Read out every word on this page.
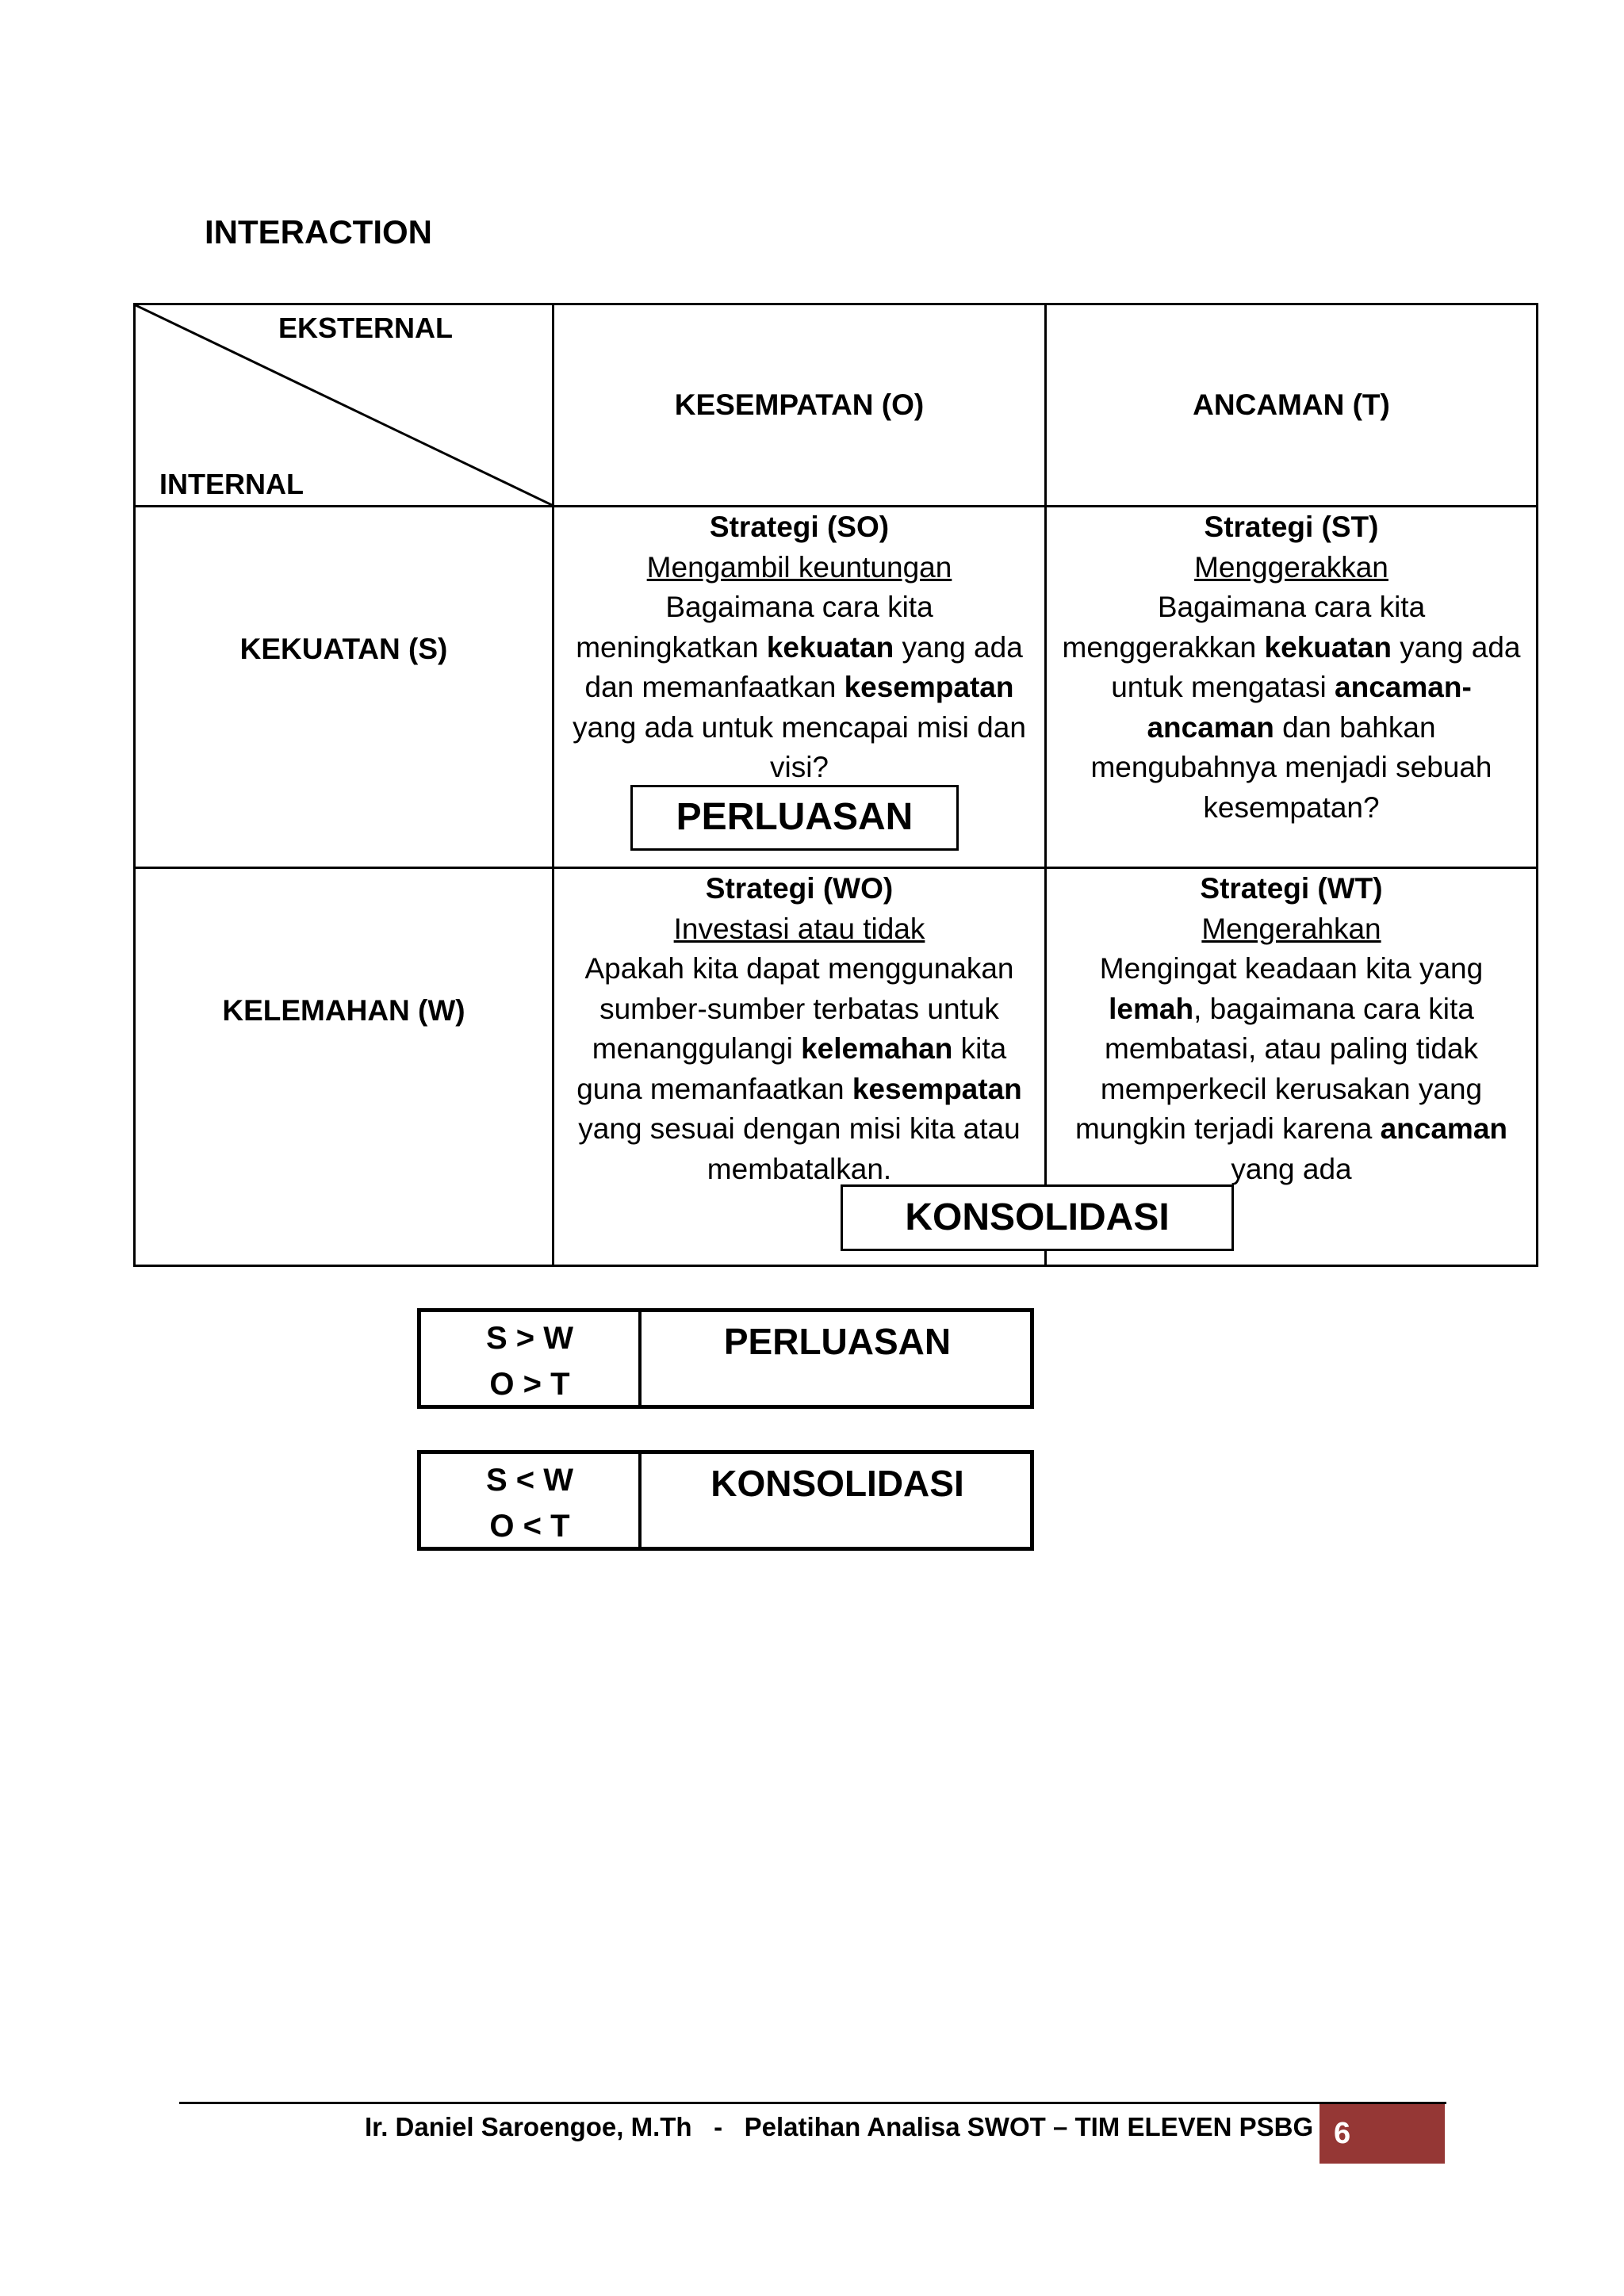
INTERACTION
EKSTERNAL
INTERNAL
KESEMPATAN (O)	ANCAMAN (T)
KEKUATAN (S)
Strategi (SO)
Mengambil keuntungan
Bagaimana cara kita
meningkatkan kekuatan yang ada
dan memanfaatkan kesempatan
yang ada untuk mencapai misi dan
visi?
Strategi (ST)
Menggerakkan
Bagaimana cara kita
menggerakkan kekuatan yang ada
untuk mengatasi ancaman-
ancaman dan bahkan
mengubahnya menjadi sebuah
kesempatan?
KELEMAHAN (W)
Strategi (WO)
Investasi atau tidak
Apakah kita dapat menggunakan
sumber-sumber terbatas untuk
menanggulangi kelemahan kita
guna memanfaatkan kesempatan
yang sesuai dengan misi kita atau
membatalkan.
Strategi (WT)
Mengerahkan
Mengingat keadaan kita yang
lemah, bagaimana cara kita
membatasi, atau paling tidak
memperkecil kerusakan yang
mungkin terjadi karena ancaman
yang ada
PERLUASAN
KONSOLIDASI
S > W
O > T
PERLUASAN
S < W
O < T
KONSOLIDASI
Ir. Daniel Saroengoe, M.Th   -   Pelatihan Analisa SWOT – TIM ELEVEN PSBG 6
